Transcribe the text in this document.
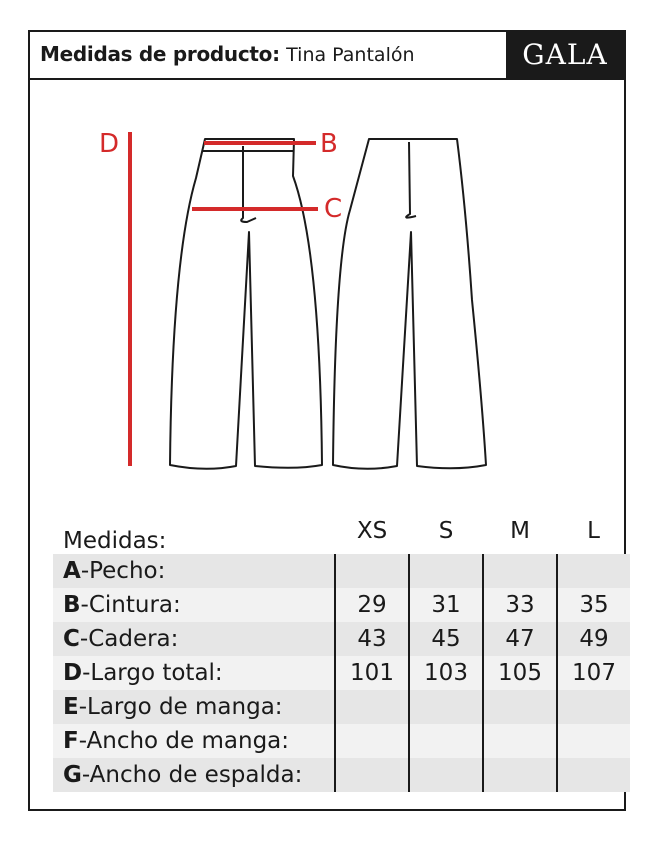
Medidas de producto: Tina Pantalón	GALA
D	B
C
Medidas:	XS	S	M	L
A-Pecho:				
B-Cintura:	29	31	33	35
C-Cadera:	43	45	47	49
D-Largo total:	101	103	105	107
E-Largo de manga:				
F-Ancho de manga:				
G-Ancho de espalda:				
